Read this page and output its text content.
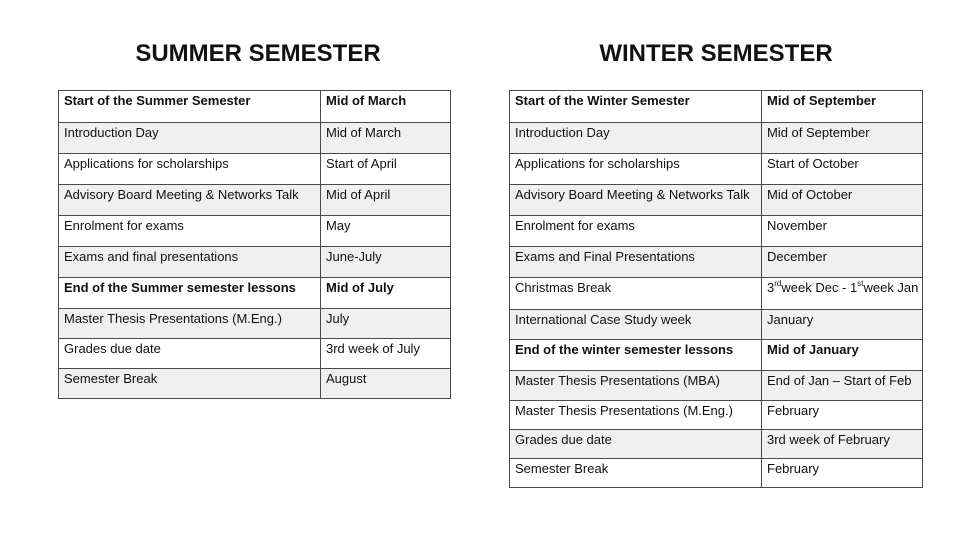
SUMMER SEMESTER	WINTER SEMESTER
Start of the Summer Semester	Mid of March
Introduction Day	Mid of March
Applications for scholarships	Start of April
Advisory Board Meeting & Networks Talk	Mid of April
Enrolment for exams	May
Exams and final presentations	June-July
End of the Summer semester lessons	Mid of July
Master Thesis Presentations (M.Eng.)	July
Grades due date	3rd week of July
Semester Break	August
Start of the Winter Semester	Mid of September
Introduction Day	Mid of September
Applications for scholarships	Start of October
Advisory Board Meeting & Networks Talk	Mid of October
Enrolment for exams	November
Exams and Final Presentations	December
Christmas Break	3rdweek Dec - 1stweek Jan
International Case Study week	January
End of the winter semester lessons	Mid of January
Master Thesis Presentations (MBA)	End of Jan – Start of Feb
Master Thesis Presentations (M.Eng.)	February
Grades due date	3rd week of February
Semester Break	February
